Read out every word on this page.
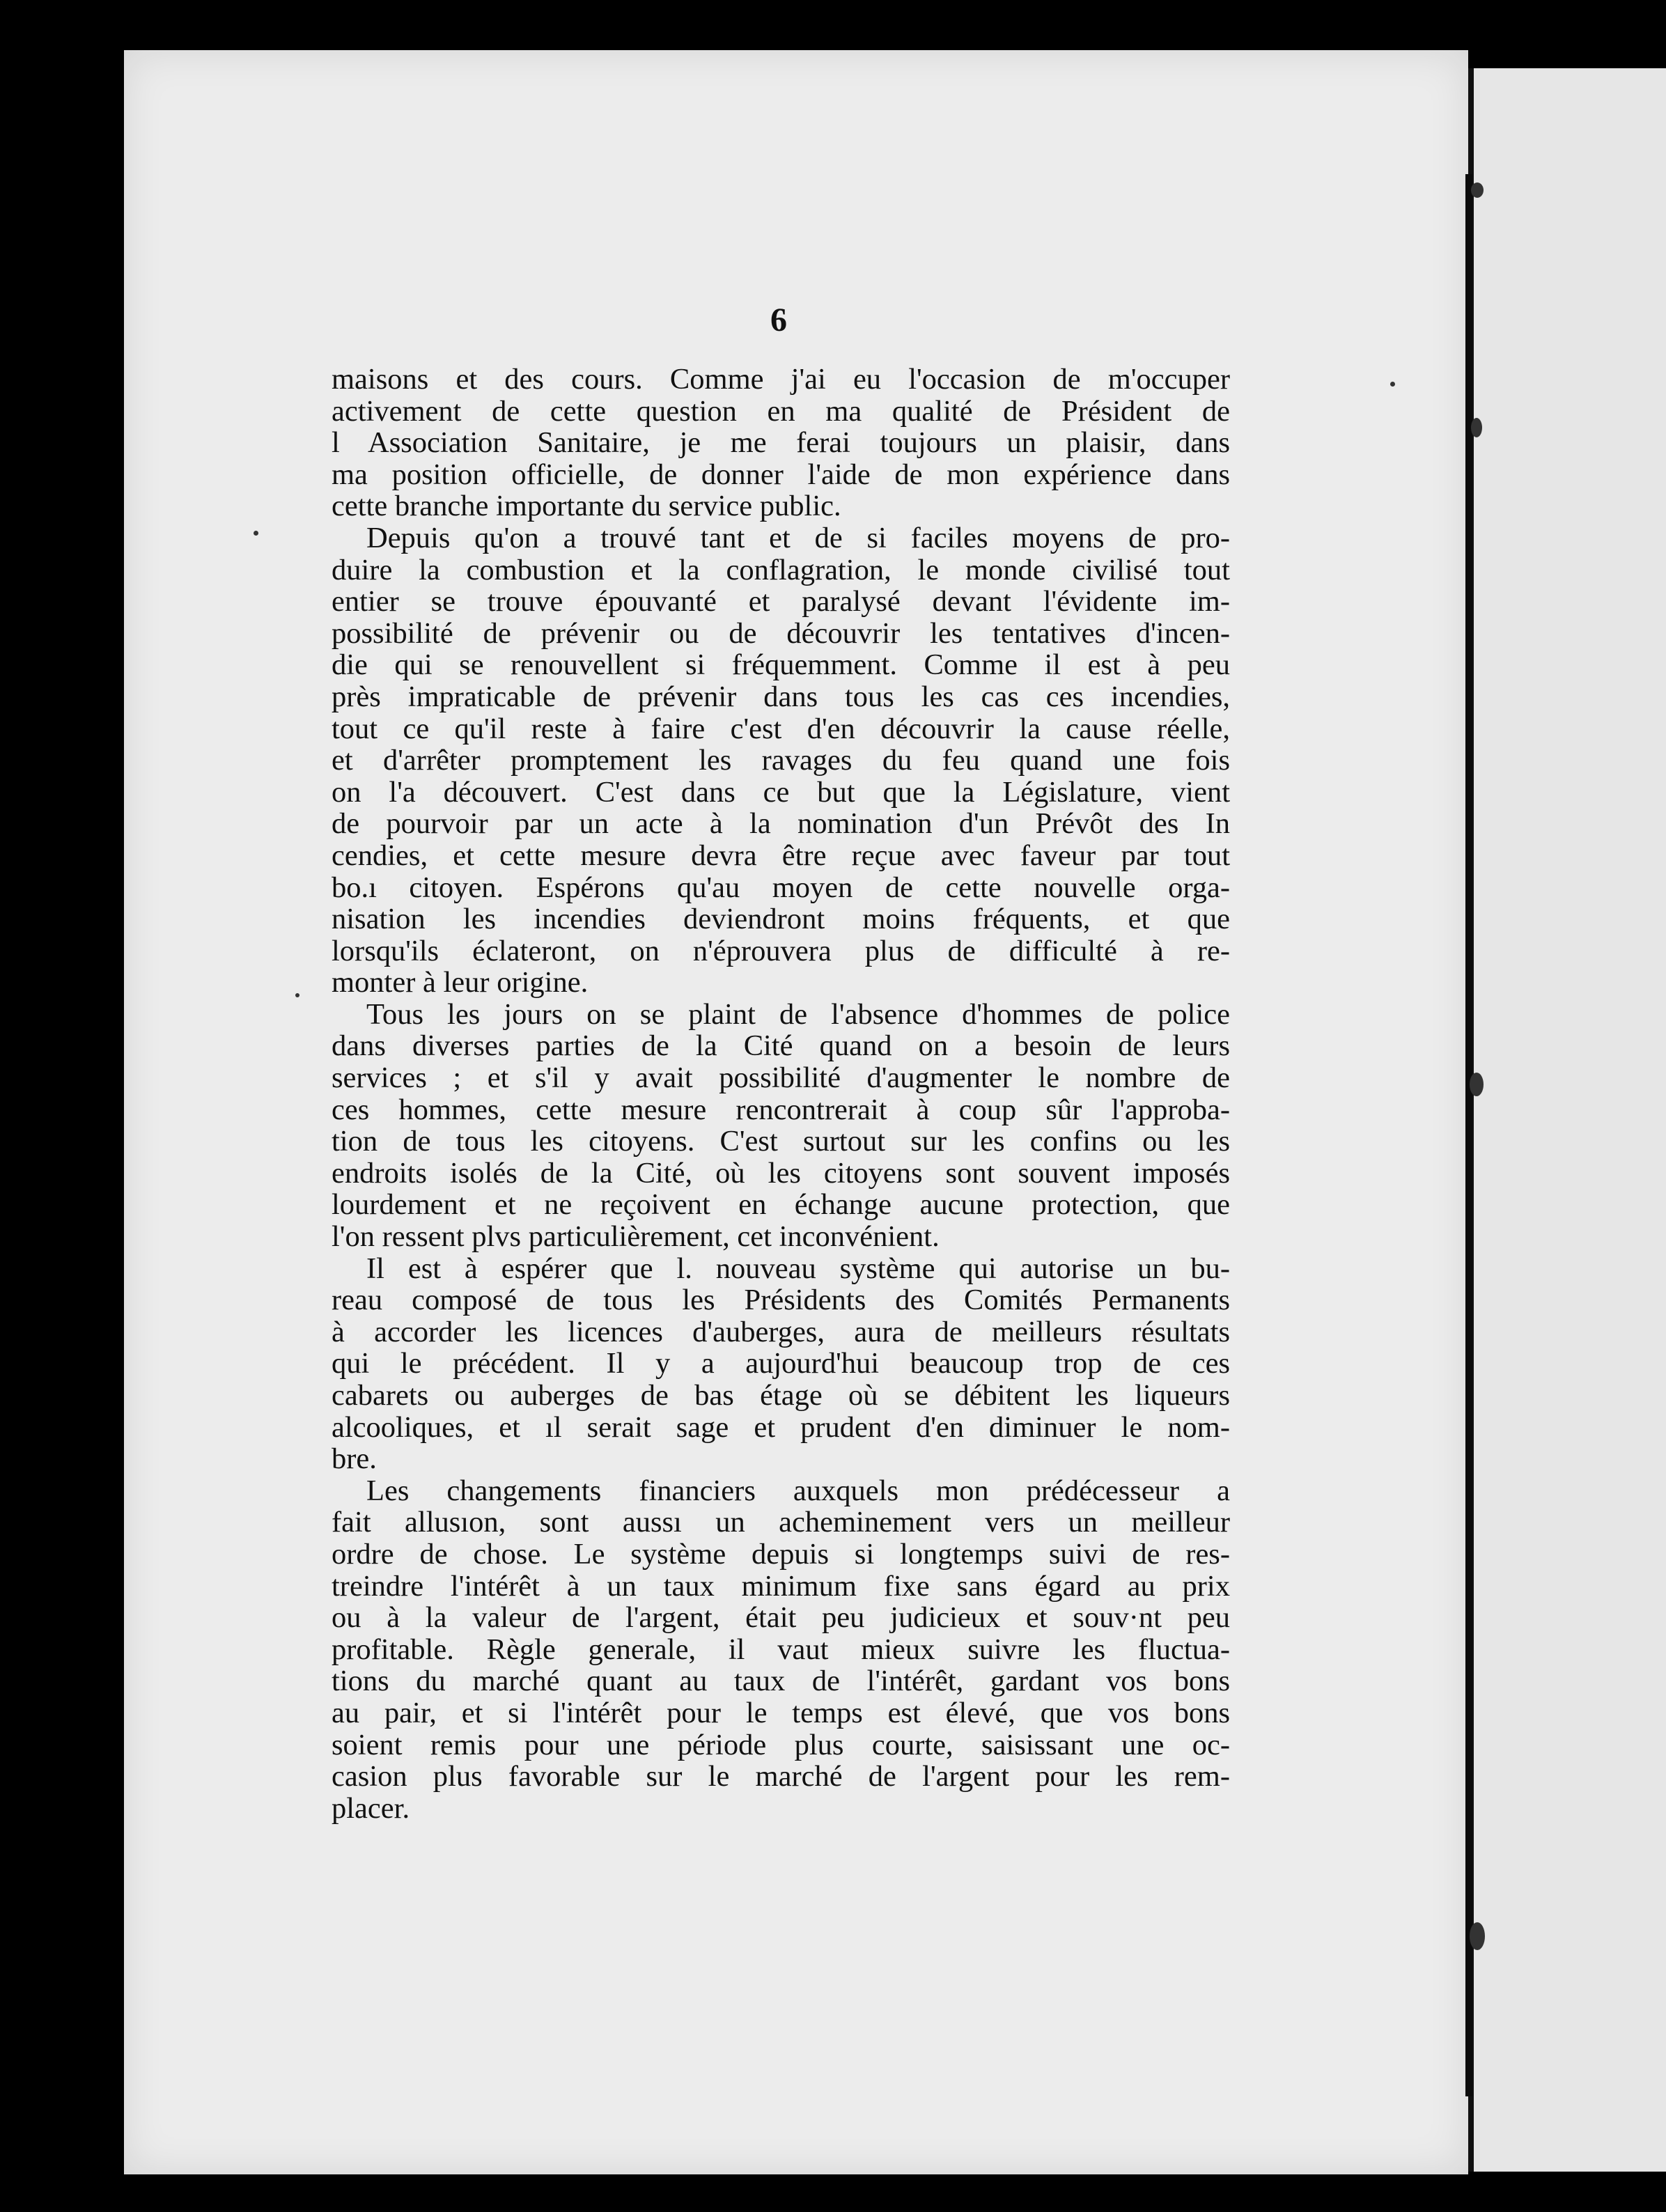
6
maisons et des cours. Comme j'ai eu l'occasion de m'occuper
activement de cette question en ma qualité de Président de
l Association Sanitaire, je me ferai toujours un plaisir, dans
ma position officielle, de donner l'aide de mon expérience dans
cette branche importante du service public.
Depuis qu'on a trouvé tant et de si faciles moyens de pro-
duire la combustion et la conflagration, le monde civilisé tout
entier se trouve épouvanté et paralysé devant l'évidente im-
possibilité de prévenir ou de découvrir les tentatives d'incen-
die qui se renouvellent si fréquemment. Comme il est à peu
près impraticable de prévenir dans tous les cas ces incendies,
tout ce qu'il reste à faire c'est d'en découvrir la cause réelle,
et d'arrêter promptement les ravages du feu quand une fois
on l'a découvert. C'est dans ce but que la Législature, vient
de pourvoir par un acte à la nomination d'un Prévôt des In
cendies, et cette mesure devra être reçue avec faveur par tout
bo.ı citoyen. Espérons qu'au moyen de cette nouvelle orga-
nisation les incendies deviendront moins fréquents, et que
lorsqu'ils éclateront, on n'éprouvera plus de difficulté à re-
monter à leur origine.
Tous les jours on se plaint de l'absence d'hommes de police
dans diverses parties de la Cité quand on a besoin de leurs
services ; et s'il y avait possibilité d'augmenter le nombre de
ces hommes, cette mesure rencontrerait à coup sûr l'approba-
tion de tous les citoyens. C'est surtout sur les confins ou les
endroits isolés de la Cité, où les citoyens sont souvent imposés
lourdement et ne reçoivent en échange aucune protection, que
l'on ressent plvs particulièrement, cet inconvénient.
Il est à espérer que l. nouveau système qui autorise un bu-
reau composé de tous les Présidents des Comités Permanents
à accorder les licences d'auberges, aura de meilleurs résultats
qui le précédent. Il y a aujourd'hui beaucoup trop de ces
cabarets ou auberges de bas étage où se débitent les liqueurs
alcooliques, et ıl serait sage et prudent d'en diminuer le nom-
bre.
Les changements financiers auxquels mon prédécesseur a
fait allusıon, sont aussı un acheminement vers un meilleur
ordre de chose. Le système depuis si longtemps suivi de res-
treindre l'intérêt à un taux minimum fixe sans égard au prix
ou à la valeur de l'argent, était peu judicieux et souv·nt peu
profitable. Règle generale, il vaut mieux suivre les fluctua-
tions du marché quant au taux de l'intérêt, gardant vos bons
au pair, et si l'intérêt pour le temps est élevé, que vos bons
soient remis pour une période plus courte, saisissant une oc-
casion plus favorable sur le marché de l'argent pour les rem-
placer.
